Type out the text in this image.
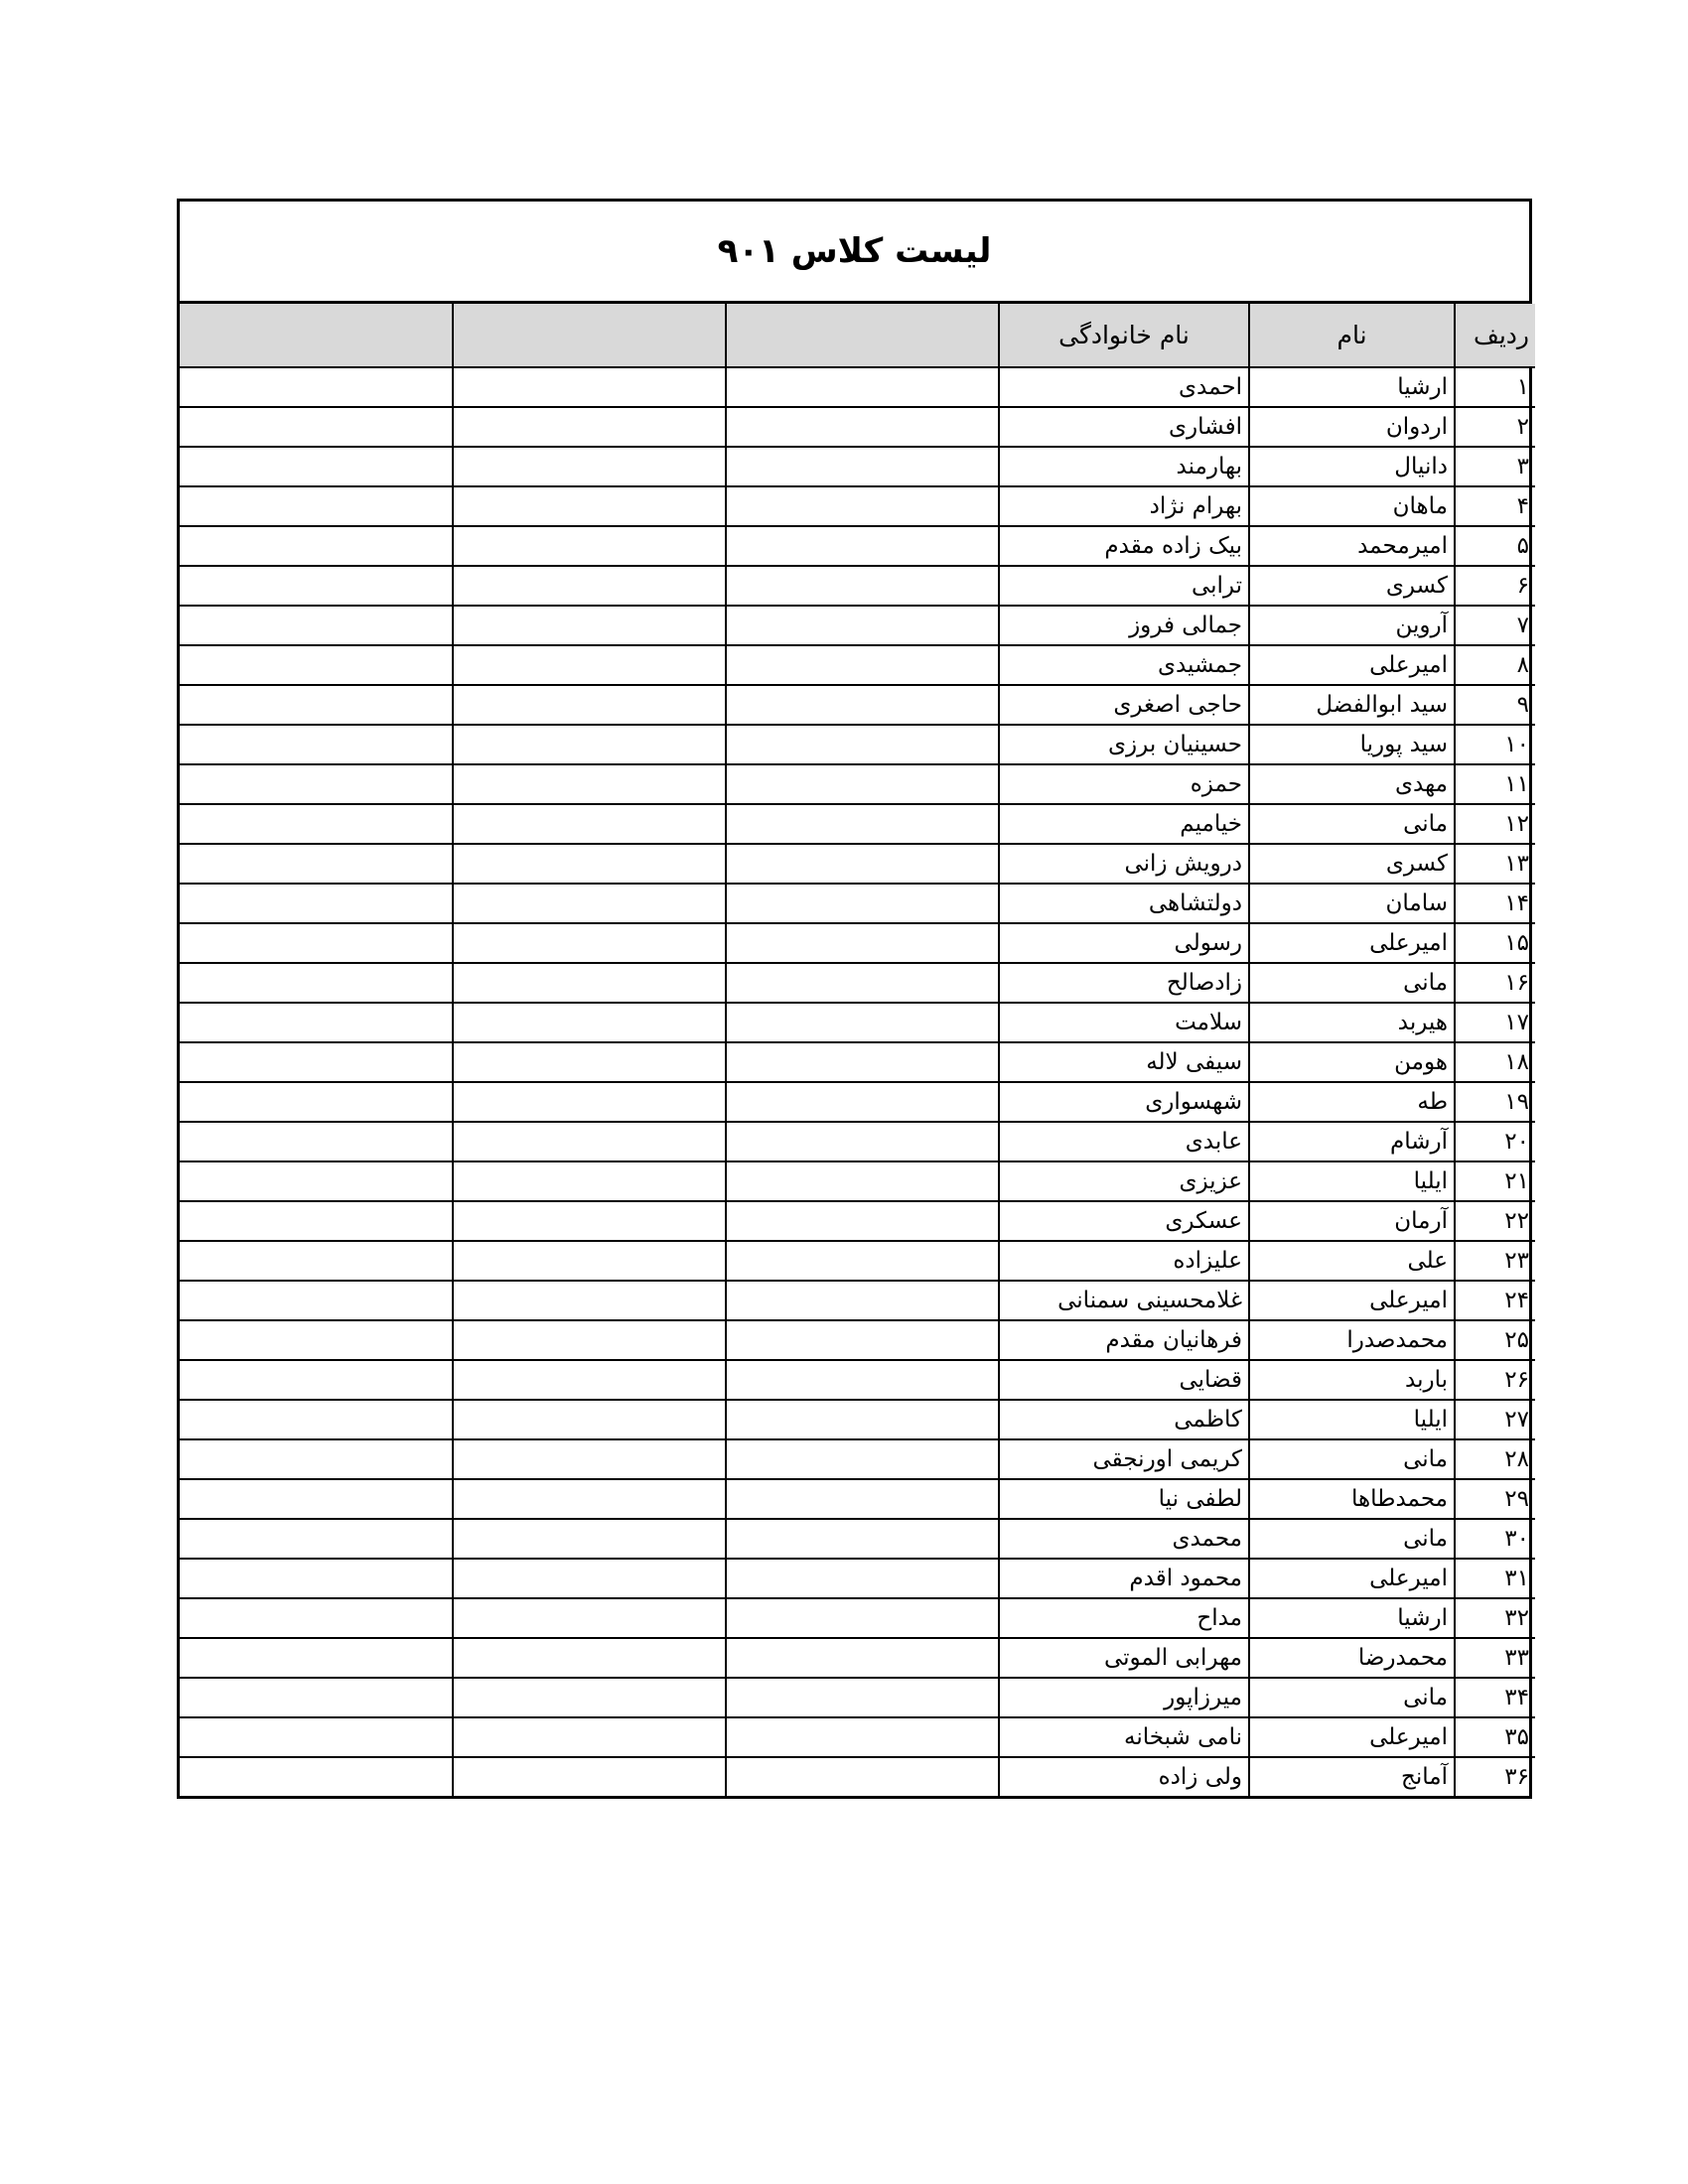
لیست کلاس ۹۰۱
ردیف	نام	نام خانوادگی			
۱	ارشیا	احمدی			
۲	اردوان	افشاری			
۳	دانیال	بهارمند			
۴	ماهان	بهرام نژاد			
۵	امیرمحمد	بیک زاده مقدم			
۶	کسری	ترابی			
۷	آروین	جمالی فروز			
۸	امیرعلی	جمشیدی			
۹	سید ابوالفضل	حاجی اصغری			
۱۰	سید پوریا	حسینیان برزی			
۱۱	مهدی	حمزه			
۱۲	مانی	خیامیم			
۱۳	کسری	درویش زانی			
۱۴	سامان	دولتشاهی			
۱۵	امیرعلی	رسولی			
۱۶	مانی	زادصالح			
۱۷	هیربد	سلامت			
۱۸	هومن	سیفی لاله			
۱۹	طه	شهسواری			
۲۰	آرشام	عابدی			
۲۱	ایلیا	عزیزی			
۲۲	آرمان	عسکری			
۲۳	علی	علیزاده			
۲۴	امیرعلی	غلامحسینی سمنانی			
۲۵	محمدصدرا	فرهانیان مقدم			
۲۶	باربد	قضایی			
۲۷	ایلیا	کاظمی			
۲۸	مانی	کریمی اورنجقی			
۲۹	محمدطاها	لطفی نیا			
۳۰	مانی	محمدی			
۳۱	امیرعلی	محمود اقدم			
۳۲	ارشیا	مداح			
۳۳	محمدرضا	مهرابی الموتی			
۳۴	مانی	میرزاپور			
۳۵	امیرعلی	نامی شبخانه			
۳۶	آمانج	ولی زاده			
